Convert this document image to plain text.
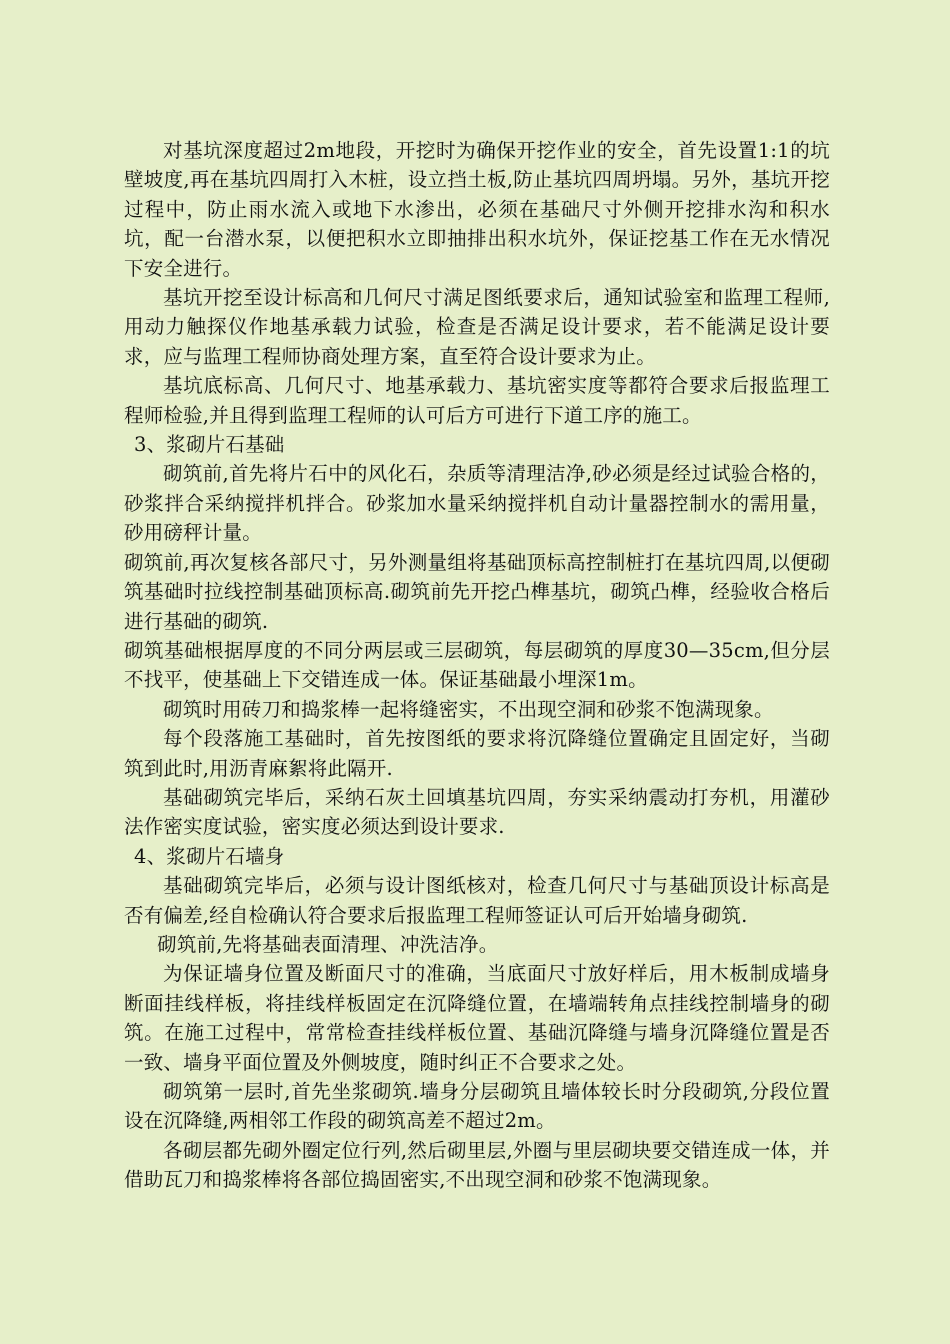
对基坑深度超过2m地段，开挖时为确保开挖作业的安全，首先设置1:1的坑壁坡度,再在基坑四周打入木桩，设立挡土板,防止基坑四周坍塌。另外，基坑开挖过程中，防止雨水流入或地下水渗出，必须在基础尺寸外侧开挖排水沟和积水坑，配一台潜水泵，以便把积水立即抽排出积水坑外，保证挖基工作在无水情况下安全进行。

基坑开挖至设计标高和几何尺寸满足图纸要求后，通知试验室和监理工程师,用动力触探仪作地基承载力试验，检查是否满足设计要求，若不能满足设计要求，应与监理工程师协商处理方案，直至符合设计要求为止。

基坑底标高、几何尺寸、地基承载力、基坑密实度等都符合要求后报监理工程师检验,并且得到监理工程师的认可后方可进行下道工序的施工。

3、浆砌片石基础

砌筑前,首先将片石中的风化石，杂质等清理洁净,砂必须是经过试验合格的，砂浆拌合采纳搅拌机拌合。砂浆加水量采纳搅拌机自动计量器控制水的需用量，砂用磅秤计量。

砌筑前,再次复核各部尺寸，另外测量组将基础顶标高控制桩打在基坑四周,以便砌筑基础时拉线控制基础顶标高.砌筑前先开挖凸榫基坑，砌筑凸榫，经验收合格后进行基础的砌筑.

砌筑基础根据厚度的不同分两层或三层砌筑，每层砌筑的厚度30—35cm,但分层不找平，使基础上下交错连成一体。保证基础最小埋深1m。

砌筑时用砖刀和捣浆棒一起将缝密实，不出现空洞和砂浆不饱满现象。

每个段落施工基础时，首先按图纸的要求将沉降缝位置确定且固定好，当砌筑到此时,用沥青麻絮将此隔开.

基础砌筑完毕后，采纳石灰土回填基坑四周，夯实采纳震动打夯机，用灌砂法作密实度试验，密实度必须达到设计要求.

4、浆砌片石墙身

基础砌筑完毕后，必须与设计图纸核对，检查几何尺寸与基础顶设计标高是否有偏差,经自检确认符合要求后报监理工程师签证认可后开始墙身砌筑.

砌筑前,先将基础表面清理、冲洗洁净。

为保证墙身位置及断面尺寸的准确，当底面尺寸放好样后，用木板制成墙身断面挂线样板，将挂线样板固定在沉降缝位置，在墙端转角点挂线控制墙身的砌筑。在施工过程中，常常检查挂线样板位置、基础沉降缝与墙身沉降缝位置是否一致、墙身平面位置及外侧坡度，随时纠正不合要求之处。

砌筑第一层时,首先坐浆砌筑.墙身分层砌筑且墙体较长时分段砌筑,分段位置设在沉降缝,两相邻工作段的砌筑高差不超过2m。

各砌层都先砌外圈定位行列,然后砌里层,外圈与里层砌块要交错连成一体，并借助瓦刀和捣浆棒将各部位捣固密实,不出现空洞和砂浆不饱满现象。
